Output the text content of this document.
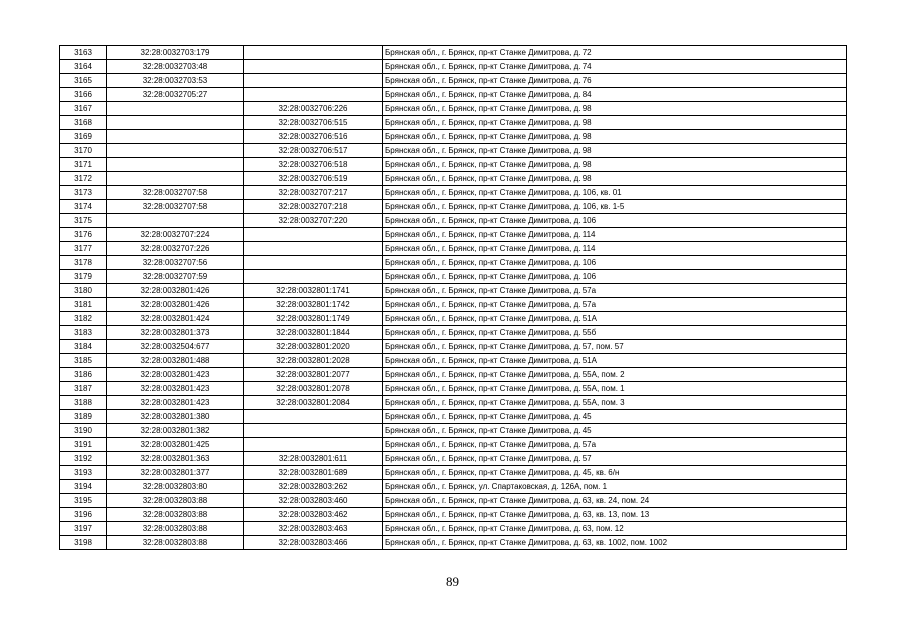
3163	32:28:0032703:179		Брянская обл., г. Брянск, пр-кт Станке Димитрова, д. 72
3164	32:28:0032703:48		Брянская обл., г. Брянск, пр-кт Станке Димитрова, д. 74
3165	32:28:0032703:53		Брянская обл., г. Брянск, пр-кт Станке Димитрова, д. 76
3166	32:28:0032705:27		Брянская обл., г. Брянск, пр-кт Станке Димитрова, д. 84
3167		32:28:0032706:226	Брянская обл., г. Брянск, пр-кт Станке Димитрова, д. 98
3168		32:28:0032706:515	Брянская обл., г. Брянск, пр-кт Станке Димитрова, д. 98
3169		32:28:0032706:516	Брянская обл., г. Брянск, пр-кт Станке Димитрова, д. 98
3170		32:28:0032706:517	Брянская обл., г. Брянск, пр-кт Станке Димитрова, д. 98
3171		32:28:0032706:518	Брянская обл., г. Брянск, пр-кт Станке Димитрова, д. 98
3172		32:28:0032706:519	Брянская обл., г. Брянск, пр-кт Станке Димитрова, д. 98
3173	32:28:0032707:58	32:28:0032707:217	Брянская обл., г. Брянск, пр-кт Станке Димитрова, д. 106, кв. 01
3174	32:28:0032707:58	32:28:0032707:218	Брянская обл., г. Брянск, пр-кт Станке Димитрова, д. 106, кв. 1-5
3175		32:28:0032707:220	Брянская обл., г. Брянск, пр-кт Станке Димитрова, д. 106
3176	32:28:0032707:224		Брянская обл., г. Брянск, пр-кт Станке Димитрова, д. 114
3177	32:28:0032707:226		Брянская обл., г. Брянск, пр-кт Станке Димитрова, д. 114
3178	32:28:0032707:56		Брянская обл., г. Брянск, пр-кт Станке Димитрова, д. 106
3179	32:28:0032707:59		Брянская обл., г. Брянск, пр-кт Станке Димитрова, д. 106
3180	32:28:0032801:426	32:28:0032801:1741	Брянская обл., г. Брянск, пр-кт Станке Димитрова, д. 57а
3181	32:28:0032801:426	32:28:0032801:1742	Брянская обл., г. Брянск, пр-кт Станке Димитрова, д. 57а
3182	32:28:0032801:424	32:28:0032801:1749	Брянская обл., г. Брянск, пр-кт Станке Димитрова, д. 51А
3183	32:28:0032801:373	32:28:0032801:1844	Брянская обл., г. Брянск, пр-кт Станке Димитрова, д. 55б
3184	32:28:0032504:677	32:28:0032801:2020	Брянская обл., г. Брянск, пр-кт Станке Димитрова, д. 57, пом. 57
3185	32:28:0032801:488	32:28:0032801:2028	Брянская обл., г. Брянск, пр-кт Станке Димитрова, д. 51А
3186	32:28:0032801:423	32:28:0032801:2077	Брянская обл., г. Брянск, пр-кт Станке Димитрова, д. 55А, пом. 2
3187	32:28:0032801:423	32:28:0032801:2078	Брянская обл., г. Брянск, пр-кт Станке Димитрова, д. 55А, пом. 1
3188	32:28:0032801:423	32:28:0032801:2084	Брянская обл., г. Брянск, пр-кт Станке Димитрова, д. 55А, пом. 3
3189	32:28:0032801:380		Брянская обл., г. Брянск, пр-кт Станке Димитрова, д. 45
3190	32:28:0032801:382		Брянская обл., г. Брянск, пр-кт Станке Димитрова, д. 45
3191	32:28:0032801:425		Брянская обл., г. Брянск, пр-кт Станке Димитрова, д. 57а
3192	32:28:0032801:363	32:28:0032801:611	Брянская обл., г. Брянск, пр-кт Станке Димитрова, д. 57
3193	32:28:0032801:377	32:28:0032801:689	Брянская обл., г. Брянск, пр-кт Станке Димитрова, д. 45, кв. 6/н
3194	32:28:0032803:80	32:28:0032803:262	Брянская обл., г. Брянск, ул. Спартаковская, д. 126А, пом. 1
3195	32:28:0032803:88	32:28:0032803:460	Брянская обл., г. Брянск, пр-кт Станке Димитрова, д. 63, кв. 24, пом. 24
3196	32:28:0032803:88	32:28:0032803:462	Брянская обл., г. Брянск, пр-кт Станке Димитрова, д. 63, кв. 13, пом. 13
3197	32:28:0032803:88	32:28:0032803:463	Брянская обл., г. Брянск, пр-кт Станке Димитрова, д. 63, пом. 12
3198	32:28:0032803:88	32:28:0032803:466	Брянская обл., г. Брянск, пр-кт Станке Димитрова, д. 63, кв. 1002, пом. 1002
89
